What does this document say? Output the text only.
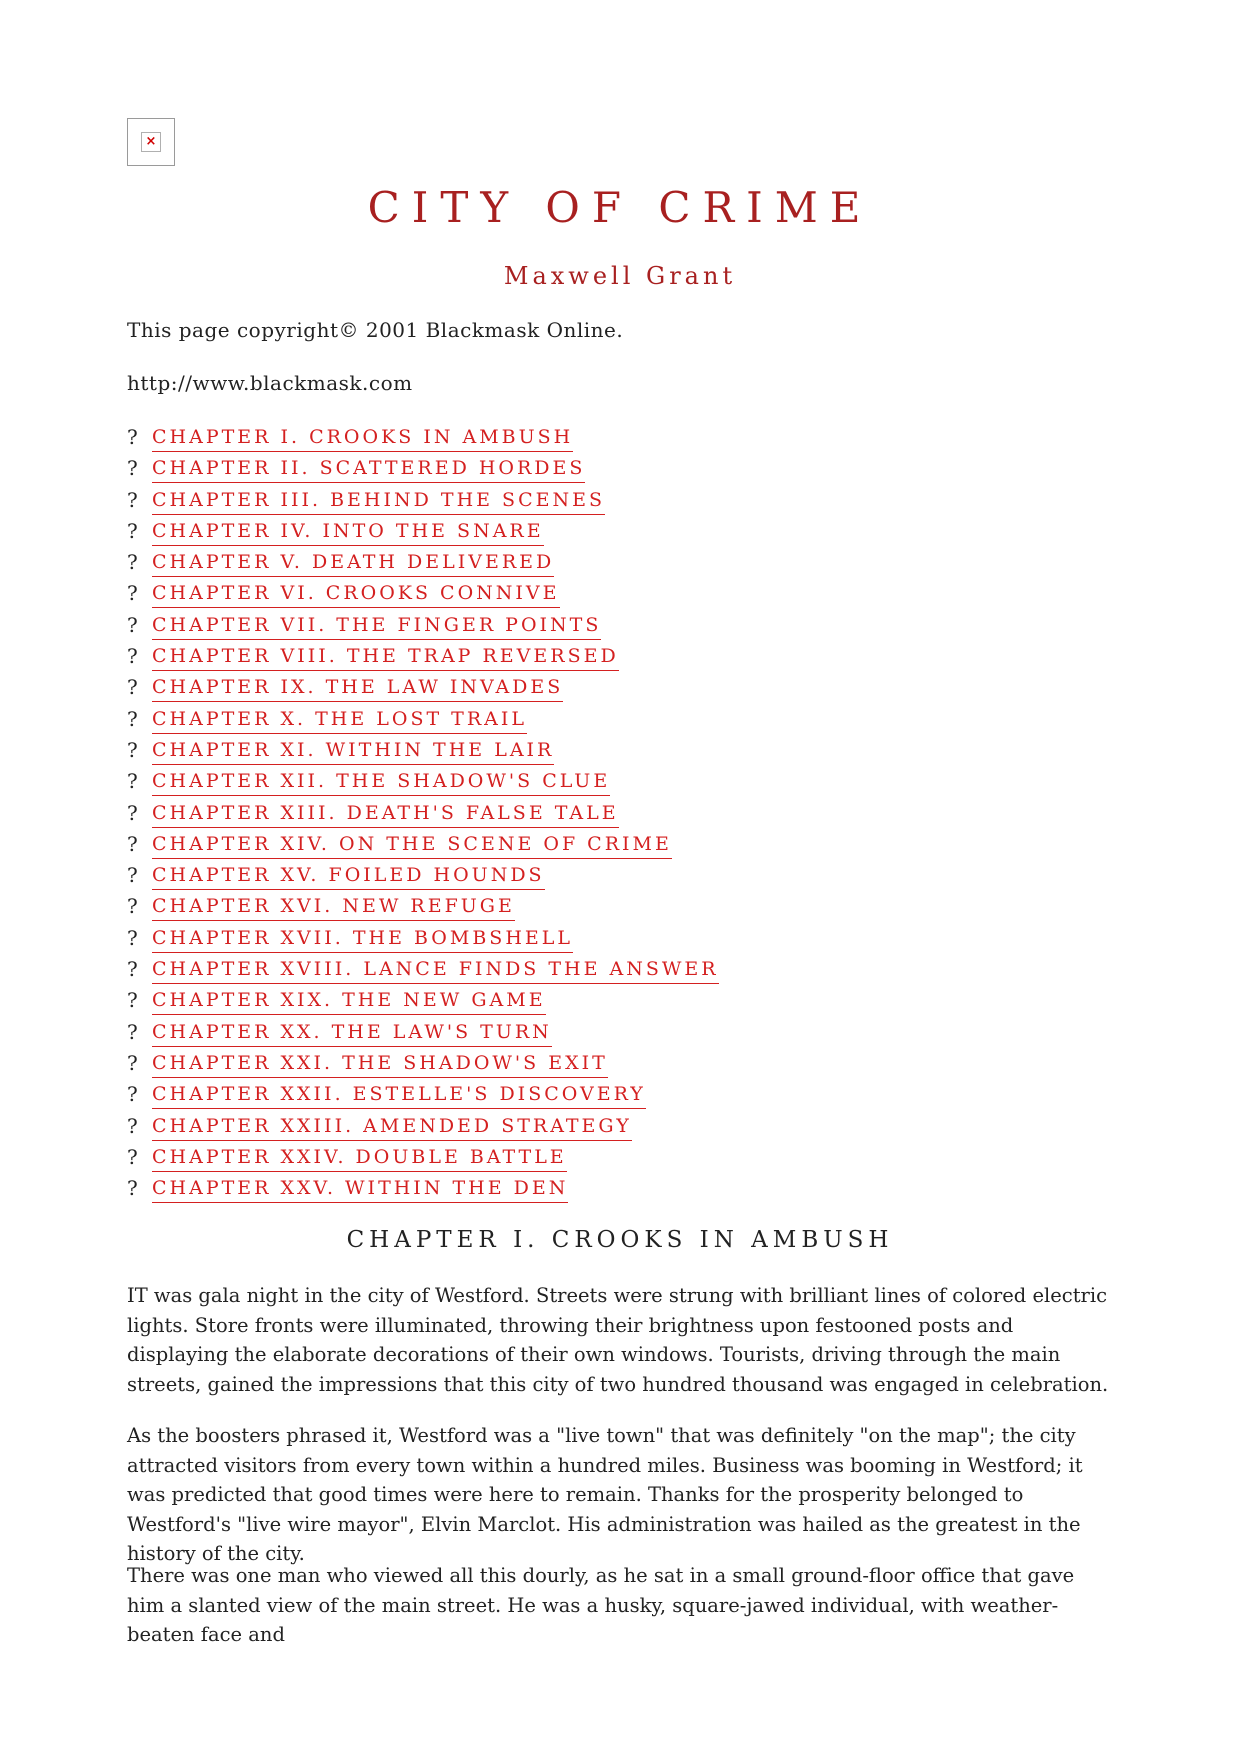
×
CITY OF CRIME

Maxwell Grant

This page copyright© 2001 Blackmask Online.

http://www.blackmask.com

? CHAPTER I. CROOKS IN AMBUSH
? CHAPTER II. SCATTERED HORDES
? CHAPTER III. BEHIND THE SCENES
? CHAPTER IV. INTO THE SNARE
? CHAPTER V. DEATH DELIVERED
? CHAPTER VI. CROOKS CONNIVE
? CHAPTER VII. THE FINGER POINTS
? CHAPTER VIII. THE TRAP REVERSED
? CHAPTER IX. THE LAW INVADES
? CHAPTER X. THE LOST TRAIL
? CHAPTER XI. WITHIN THE LAIR
? CHAPTER XII. THE SHADOW'S CLUE
? CHAPTER XIII. DEATH'S FALSE TALE
? CHAPTER XIV. ON THE SCENE OF CRIME
? CHAPTER XV. FOILED HOUNDS
? CHAPTER XVI. NEW REFUGE
? CHAPTER XVII. THE BOMBSHELL
? CHAPTER XVIII. LANCE FINDS THE ANSWER
? CHAPTER XIX. THE NEW GAME
? CHAPTER XX. THE LAW'S TURN
? CHAPTER XXI. THE SHADOW'S EXIT
? CHAPTER XXII. ESTELLE'S DISCOVERY
? CHAPTER XXIII. AMENDED STRATEGY
? CHAPTER XXIV. DOUBLE BATTLE
? CHAPTER XXV. WITHIN THE DEN
CHAPTER I. CROOKS IN AMBUSH

IT was gala night in the city of Westford. Streets were strung with brilliant lines of colored electric lights. Store fronts were illuminated, throwing their brightness upon festooned posts and displaying the elaborate decorations of their own windows. Tourists, driving through the main streets, gained the impressions that this city of two hundred thousand was engaged in celebration.

As the boosters phrased it, Westford was a "live town" that was definitely "on the map"; the city attracted visitors from every town within a hundred miles. Business was booming in Westford; it was predicted that good times were here to remain. Thanks for the prosperity belonged to Westford's "live wire mayor", Elvin Marclot. His administration was hailed as the greatest in the history of the city.

There was one man who viewed all this dourly, as he sat in a small ground-floor office that gave him a slanted view of the main street. He was a husky, square-jawed individual, with weather-beaten face and
